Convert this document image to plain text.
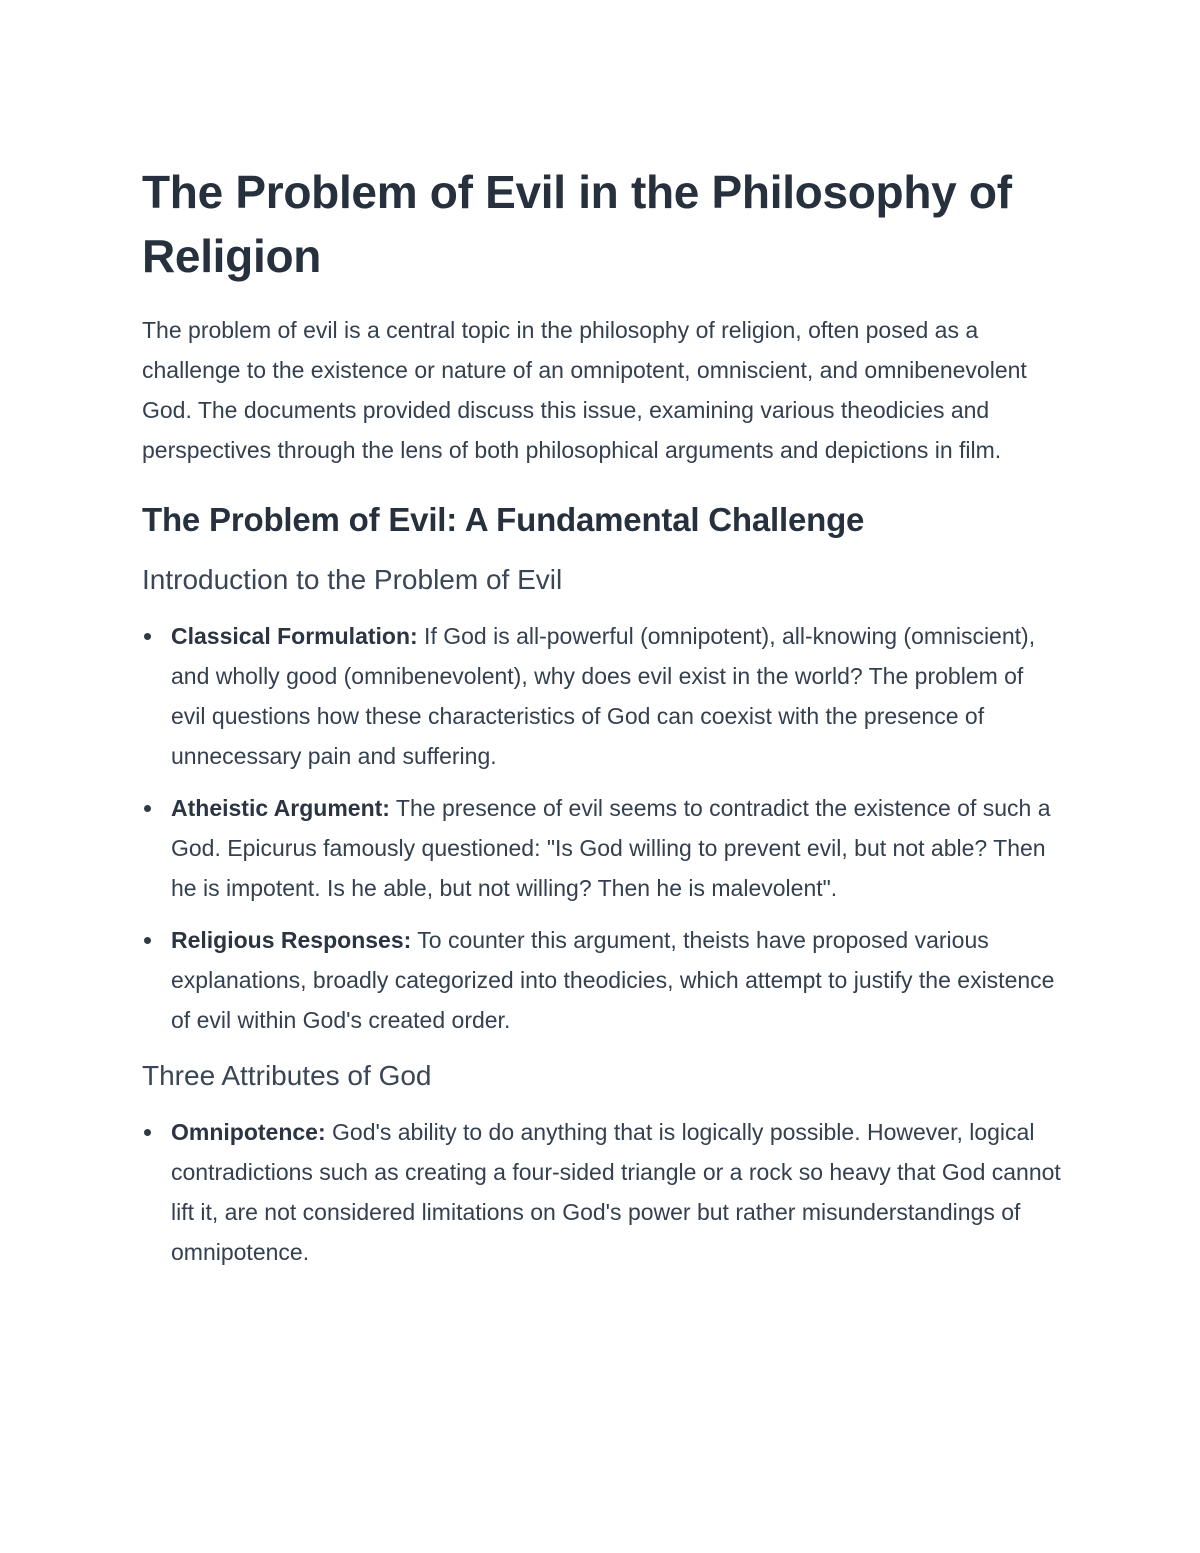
The Problem of Evil in the Philosophy of Religion

The problem of evil is a central topic in the philosophy of religion, often posed as a challenge to the existence or nature of an omnipotent, omniscient, and omnibenevolent God. The documents provided discuss this issue, examining various theodicies and perspectives through the lens of both philosophical arguments and depictions in film.

The Problem of Evil: A Fundamental Challenge
Introduction to the Problem of Evil
Classical Formulation: If God is all-powerful (omnipotent), all-knowing (omniscient), and wholly good (omnibenevolent), why does evil exist in the world? The problem of evil questions how these characteristics of God can coexist with the presence of unnecessary pain and suffering.
Atheistic Argument: The presence of evil seems to contradict the existence of such a God. Epicurus famously questioned: "Is God willing to prevent evil, but not able? Then he is impotent. Is he able, but not willing? Then he is malevolent".
Religious Responses: To counter this argument, theists have proposed various explanations, broadly categorized into theodicies, which attempt to justify the existence of evil within God's created order.
Three Attributes of God
Omnipotence: God's ability to do anything that is logically possible. However, logical contradictions such as creating a four-sided triangle or a rock so heavy that God cannot lift it, are not considered limitations on God's power but rather misunderstandings of omnipotence.
